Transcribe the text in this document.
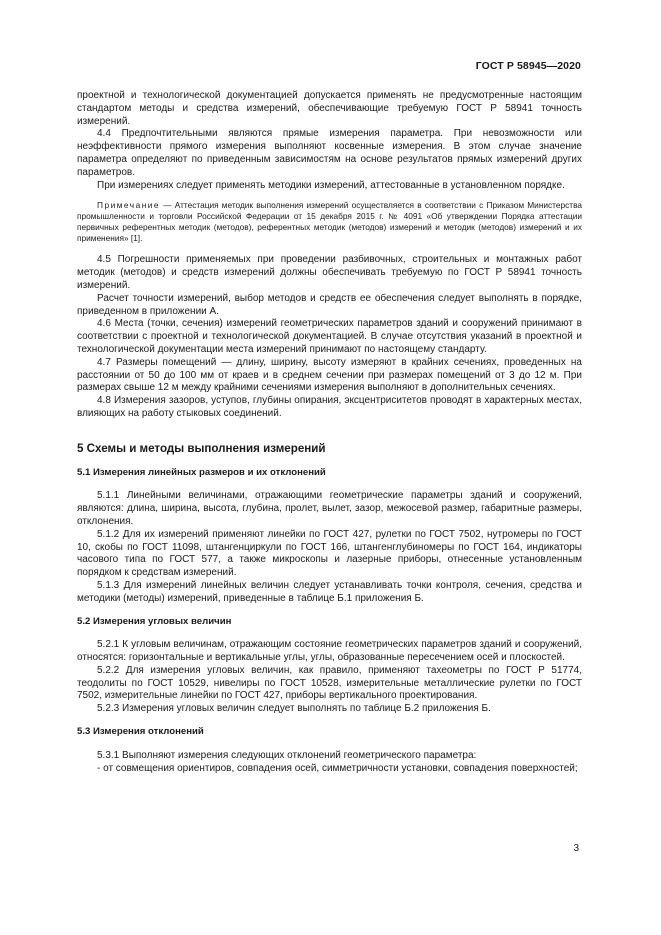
ГОСТ Р 58945—2020

проектной и технологической документацией допускается применять не предусмотренные настоящим стандартом методы и средства измерений, обеспечивающие требуемую ГОСТ Р 58941 точность измерений.

4.4 Предпочтительными являются прямые измерения параметра. При невозможности или неэффективности прямого измерения выполняют косвенные измерения. В этом случае значение параметра определяют по приведенным зависимостям на основе результатов прямых измерений других параметров.

При измерениях следует применять методики измерений, аттестованные в установленном порядке.

Примечание — Аттестация методик выполнения измерений осуществляется в соответствии с Приказом Министерства промышленности и торговли Российской Федерации от 15 декабря 2015 г. № 4091 «Об утверждении Порядка аттестации первичных референтных методик (методов), референтных методик (методов) измерений и методик (методов) измерений и их применения» [1].

4.5 Погрешности применяемых при проведении разбивочных, строительных и монтажных работ методик (методов) и средств измерений должны обеспечивать требуемую по ГОСТ Р 58941 точность измерений.

Расчет точности измерений, выбор методов и средств ее обеспечения следует выполнять в порядке, приведенном в приложении А.

4.6 Места (точки, сечения) измерений геометрических параметров зданий и сооружений принимают в соответствии с проектной и технологической документацией. В случае отсутствия указаний в проектной и технологической документации места измерений принимают по настоящему стандарту.

4.7 Размеры помещений — длину, ширину, высоту измеряют в крайних сечениях, проведенных на расстоянии от 50 до 100 мм от краев и в среднем сечении при размерах помещений от 3 до 12 м. При размерах свыше 12 м между крайними сечениями измерения выполняют в дополнительных сечениях.

4.8 Измерения зазоров, уступов, глубины опирания, эксцентриситетов проводят в характерных местах, влияющих на работу стыковых соединений.

5 Схемы и методы выполнения измерений
5.1 Измерения линейных размеров и их отклонений

5.1.1 Линейными величинами, отражающими геометрические параметры зданий и сооружений, являются: длина, ширина, высота, глубина, пролет, вылет, зазор, межосевой размер, габаритные размеры, отклонения.

5.1.2 Для их измерений применяют линейки по ГОСТ 427, рулетки по ГОСТ 7502, нутромеры по ГОСТ 10, скобы по ГОСТ 11098, штангенциркули по ГОСТ 166, штангенглубиномеры по ГОСТ 164, индикаторы часового типа по ГОСТ 577, а также микроскопы и лазерные приборы, отнесенные установленным порядком к средствам измерений.

5.1.3 Для измерений линейных величин следует устанавливать точки контроля, сечения, средства и методики (методы) измерений, приведенные в таблице Б.1 приложения Б.

5.2 Измерения угловых величин

5.2.1 К угловым величинам, отражающим состояние геометрических параметров зданий и сооружений, относятся: горизонтальные и вертикальные углы, углы, образованные пересечением осей и плоскостей.

5.2.2 Для измерения угловых величин, как правило, применяют тахеометры по ГОСТ Р 51774, теодолиты по ГОСТ 10529, нивелиры по ГОСТ 10528, измерительные металлические рулетки по ГОСТ 7502, измерительные линейки по ГОСТ 427, приборы вертикального проектирования.

5.2.3 Измерения угловых величин следует выполнять по таблице Б.2 приложения Б.

5.3 Измерения отклонений

5.3.1 Выполняют измерения следующих отклонений геометрического параметра:

- от совмещения ориентиров, совпадения осей, симметричности установки, совпадения поверхностей;

3
